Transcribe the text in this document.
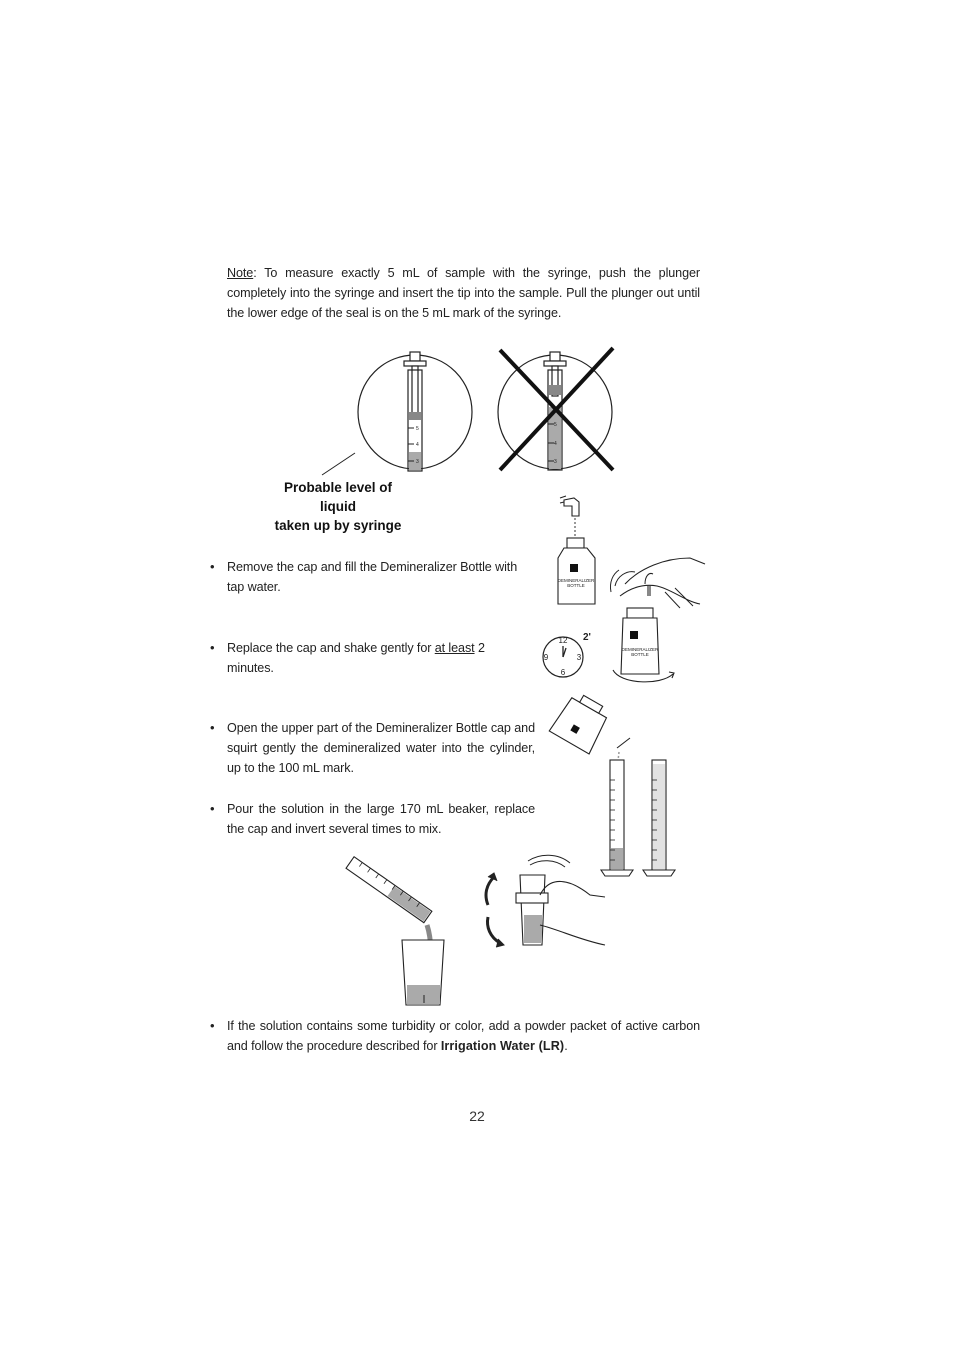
Note: To measure exactly 5 mL of sample with the syringe, push the plunger completely into the syringe and insert the tip into the sample. Pull the plunger out until the lower edge of the seal is on the 5 mL mark of the syringe.
5
4
3
5
4
3
Probable level of liquid
taken up by syringe
• Remove the cap and fill the Demineralizer Bottle with tap water.	DEMINERALIZER
BOTTLE
DEMINERALIZER
BOTTLE
• Replace the cap and shake gently for at least 2 minutes.
12
3
6
9
2'
• Open the upper part of the Demineralizer Bottle cap and squirt gently the demineralized water into the cylinder, up to the 100 mL mark.
• Pour the solution in the large 170 mL beaker, replace the cap and invert several times to mix.
• If the solution contains some turbidity or color, add a powder packet of active carbon and follow the procedure described for Irrigation Water (LR).
22
